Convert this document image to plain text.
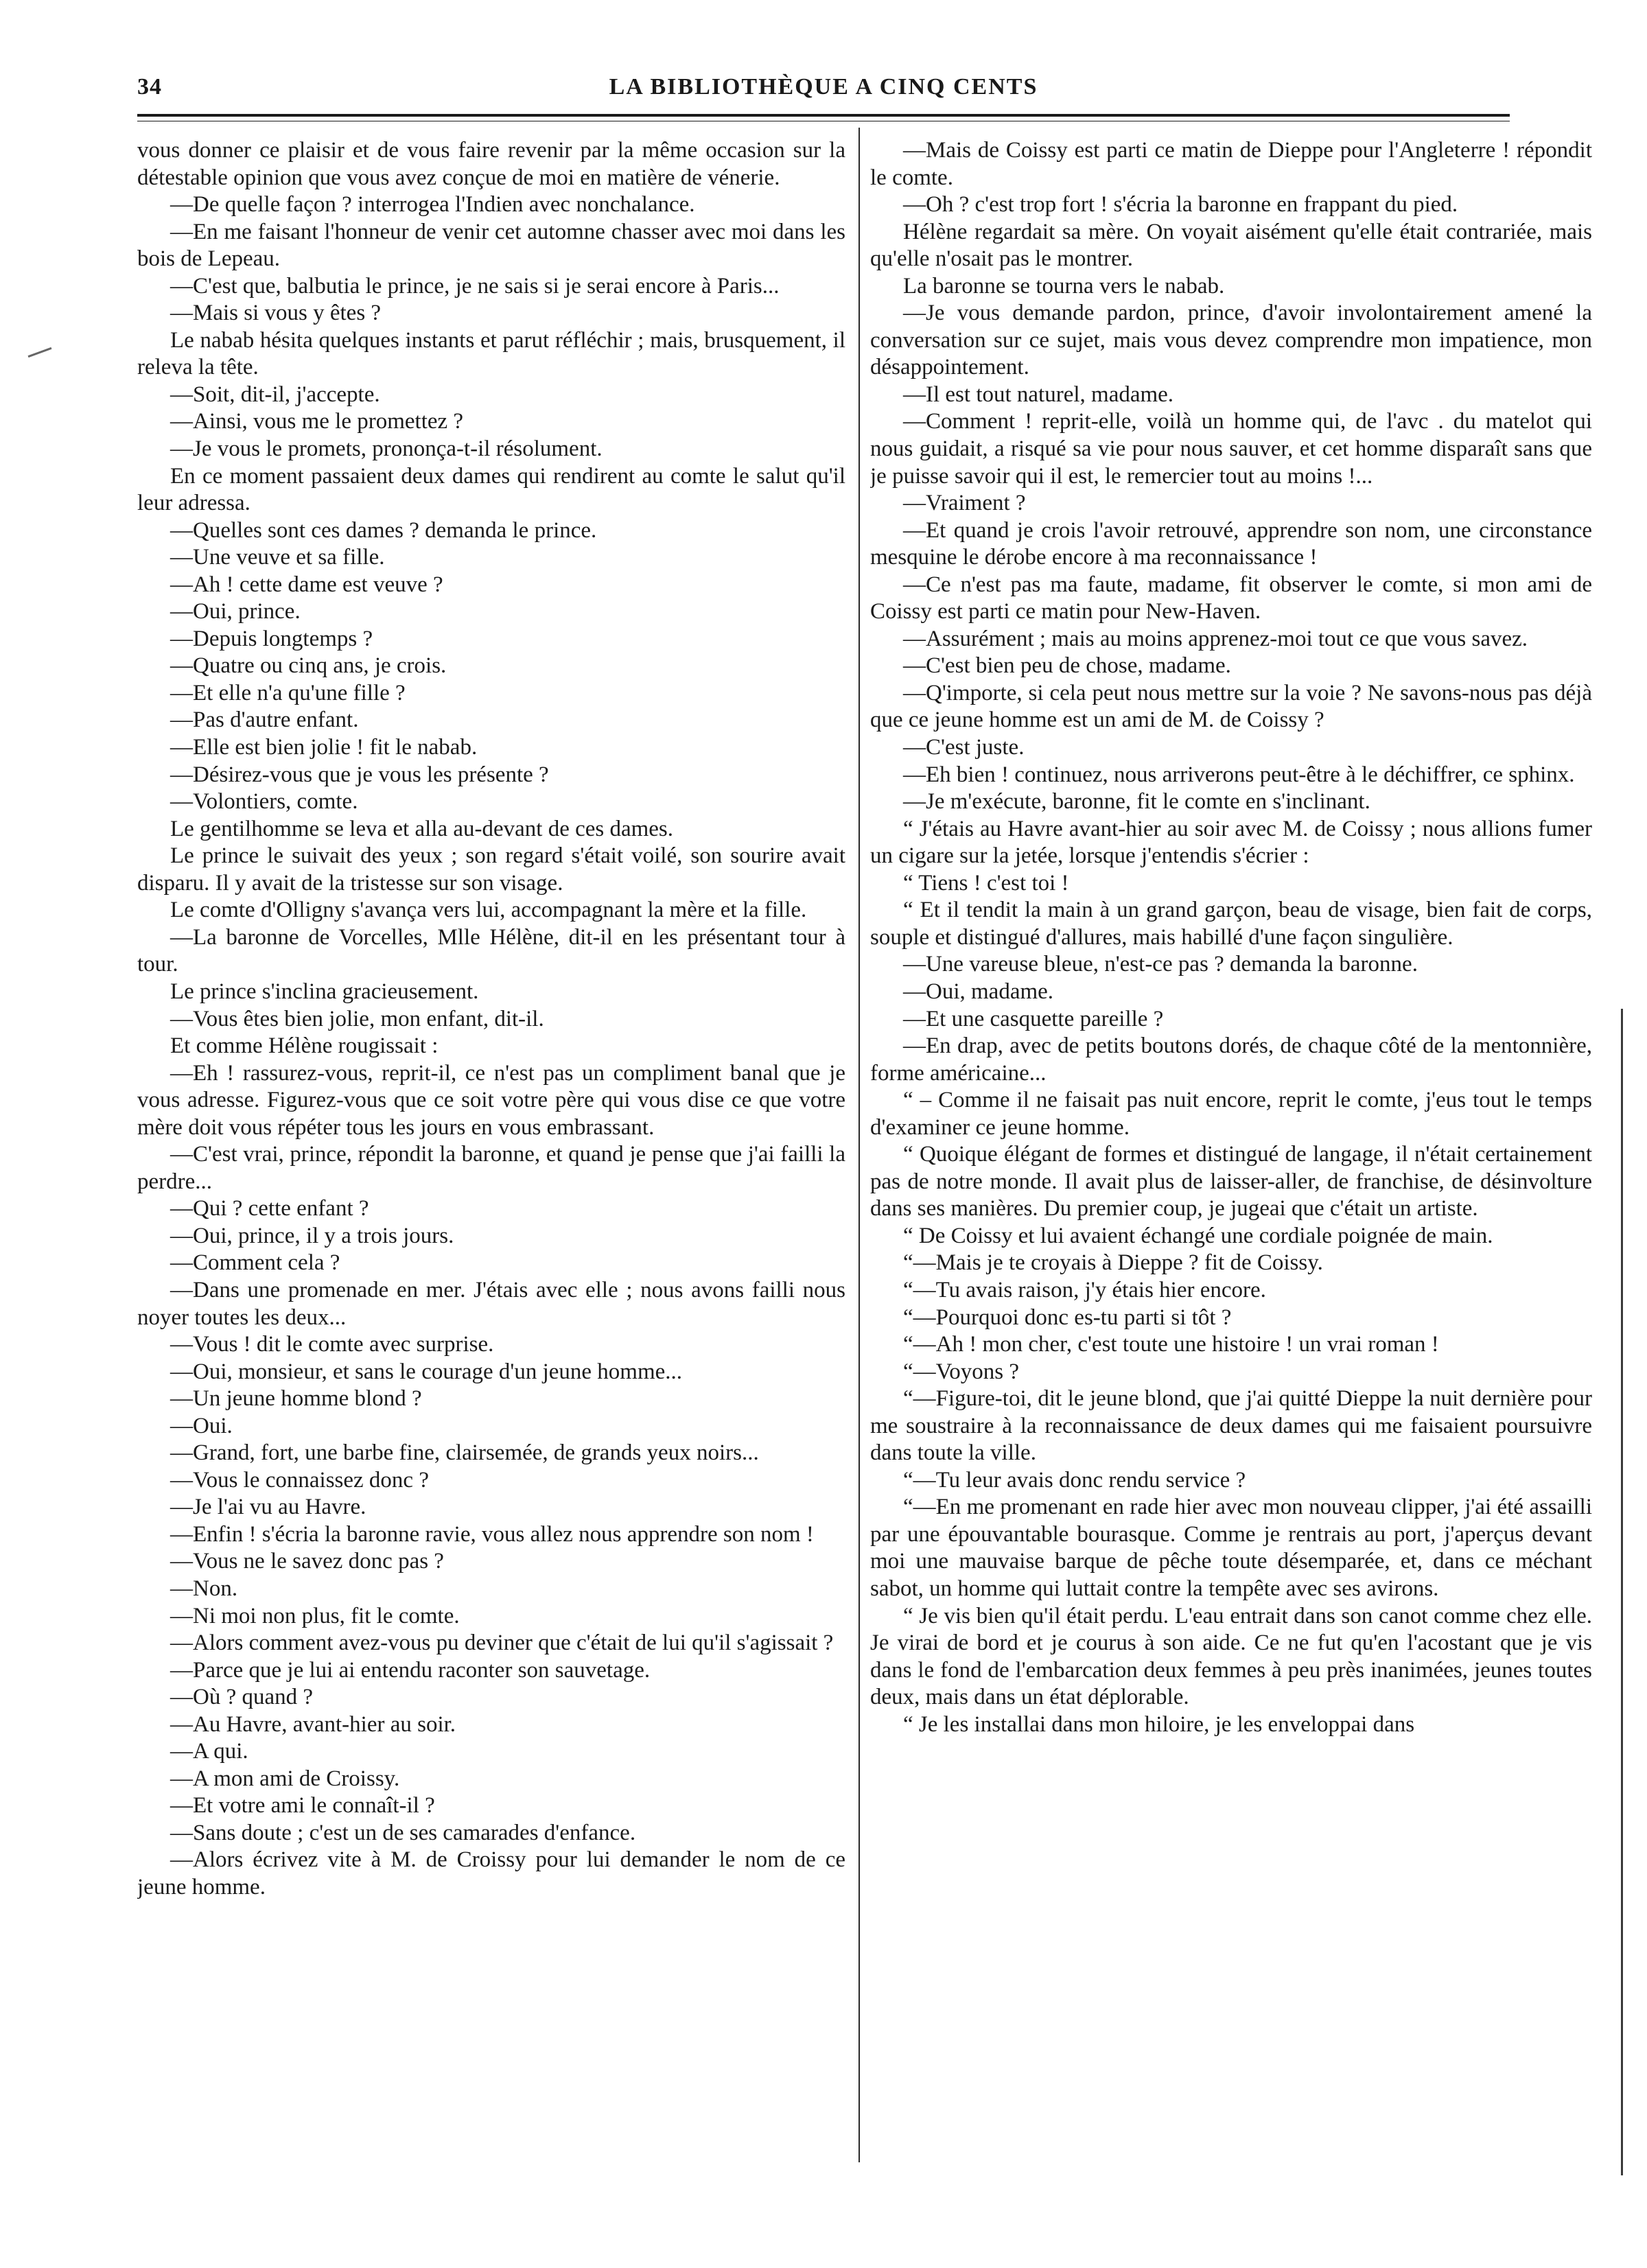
34	LA BIBLIOTHÈQUE A CINQ CENTS

vous donner ce plaisir et de vous faire revenir par la même occasion sur la détestable opinion que vous avez conçue de moi en matière de vénerie.

—De quelle façon ? interrogea l'Indien avec nonchalance.

—En me faisant l'honneur de venir cet automne chasser avec moi dans les bois de Lepeau.

—C'est que, balbutia le prince, je ne sais si je serai encore à Paris...

—Mais si vous y êtes ?

Le nabab hésita quelques instants et parut réfléchir ; mais, brusquement, il releva la tête.

—Soit, dit-il, j'accepte.

—Ainsi, vous me le promettez ?

—Je vous le promets, prononça-t-il résolument.

En ce moment passaient deux dames qui rendirent au comte le salut qu'il leur adressa.

—Quelles sont ces dames ? demanda le prince.

—Une veuve et sa fille.

—Ah ! cette dame est veuve ?

—Oui, prince.

—Depuis longtemps ?

—Quatre ou cinq ans, je crois.

—Et elle n'a qu'une fille ?

—Pas d'autre enfant.

—Elle est bien jolie ! fit le nabab.

—Désirez-vous que je vous les présente ?

—Volontiers, comte.

Le gentilhomme se leva et alla au-devant de ces dames.

Le prince le suivait des yeux ; son regard s'était voilé, son sourire avait disparu. Il y avait de la tristesse sur son visage.

Le comte d'Olligny s'avança vers lui, accompagnant la mère et la fille.

—La baronne de Vorcelles, Mlle Hélène, dit-il en les présentant tour à tour.

Le prince s'inclina gracieusement.

—Vous êtes bien jolie, mon enfant, dit-il.

Et comme Hélène rougissait :

—Eh ! rassurez-vous, reprit-il, ce n'est pas un compliment banal que je vous adresse. Figurez-vous que ce soit votre père qui vous dise ce que votre mère doit vous répéter tous les jours en vous embrassant.

—C'est vrai, prince, répondit la baronne, et quand je pense que j'ai failli la perdre...

—Qui ? cette enfant ?

—Oui, prince, il y a trois jours.

—Comment cela ?

—Dans une promenade en mer. J'étais avec elle ; nous avons failli nous noyer toutes les deux...

—Vous ! dit le comte avec surprise.

—Oui, monsieur, et sans le courage d'un jeune homme...

—Un jeune homme blond ?

—Oui.

—Grand, fort, une barbe fine, clairsemée, de grands yeux noirs...

—Vous le connaissez donc ?

—Je l'ai vu au Havre.

—Enfin ! s'écria la baronne ravie, vous allez nous apprendre son nom !

—Vous ne le savez donc pas ?

—Non.

—Ni moi non plus, fit le comte.

—Alors comment avez-vous pu deviner que c'était de lui qu'il s'agissait ?

—Parce que je lui ai entendu raconter son sauvetage.

—Où ? quand ?

—Au Havre, avant-hier au soir.

—A qui.

—A mon ami de Croissy.

—Et votre ami le connaît-il ?

—Sans doute ; c'est un de ses camarades d'enfance.

—Alors écrivez vite à M. de Croissy pour lui demander le nom de ce jeune homme.

—Mais de Coissy est parti ce matin de Dieppe pour l'Angleterre ! répondit le comte.

—Oh ? c'est trop fort ! s'écria la baronne en frappant du pied.

Hélène regardait sa mère. On voyait aisément qu'elle était contrariée, mais qu'elle n'osait pas le montrer.

La baronne se tourna vers le nabab.

—Je vous demande pardon, prince, d'avoir involontairement amené la conversation sur ce sujet, mais vous devez comprendre mon impatience, mon désappointement.

—Il est tout naturel, madame.

—Comment ! reprit-elle, voilà un homme qui, de l'avc . du matelot qui nous guidait, a risqué sa vie pour nous sauver, et cet homme disparaît sans que je puisse savoir qui il est, le remercier tout au moins !...

—Vraiment ?

—Et quand je crois l'avoir retrouvé, apprendre son nom, une circonstance mesquine le dérobe encore à ma reconnaissance !

—Ce n'est pas ma faute, madame, fit observer le comte, si mon ami de Coissy est parti ce matin pour New-Haven.

—Assurément ; mais au moins apprenez-moi tout ce que vous savez.

—C'est bien peu de chose, madame.

—Q'importe, si cela peut nous mettre sur la voie ? Ne savons-nous pas déjà que ce jeune homme est un ami de M. de Coissy ?

—C'est juste.

—Eh bien ! continuez, nous arriverons peut-être à le déchiffrer, ce sphinx.

—Je m'exécute, baronne, fit le comte en s'inclinant.

“ J'étais au Havre avant-hier au soir avec M. de Coissy ; nous allions fumer un cigare sur la jetée, lorsque j'entendis s'écrier :

“ Tiens ! c'est toi !

“ Et il tendit la main à un grand garçon, beau de visage, bien fait de corps, souple et distingué d'allures, mais habillé d'une façon singulière.

—Une vareuse bleue, n'est-ce pas ? demanda la baronne.

—Oui, madame.

—Et une casquette pareille ?

—En drap, avec de petits boutons dorés, de chaque côté de la mentonnière, forme américaine...

“ – Comme il ne faisait pas nuit encore, reprit le comte, j'eus tout le temps d'examiner ce jeune homme.

“ Quoique élégant de formes et distingué de langage, il n'était certainement pas de notre monde. Il avait plus de laisser-aller, de franchise, de désinvolture dans ses manières. Du premier coup, je jugeai que c'était un artiste.

“ De Coissy et lui avaient échangé une cordiale poignée de main.

“—Mais je te croyais à Dieppe ? fit de Coissy.

“—Tu avais raison, j'y étais hier encore.

“—Pourquoi donc es-tu parti si tôt ?

“—Ah ! mon cher, c'est toute une histoire ! un vrai roman !

“—Voyons ?

“—Figure-toi, dit le jeune blond, que j'ai quitté Dieppe la nuit dernière pour me soustraire à la reconnaissance de deux dames qui me faisaient poursuivre dans toute la ville.

“—Tu leur avais donc rendu service ?

“—En me promenant en rade hier avec mon nouveau clipper, j'ai été assailli par une épouvantable bourasque. Comme je rentrais au port, j'aperçus devant moi une mauvaise barque de pêche toute désemparée, et, dans ce méchant sabot, un homme qui luttait contre la tempête avec ses avirons.

“ Je vis bien qu'il était perdu. L'eau entrait dans son canot comme chez elle. Je virai de bord et je courus à son aide. Ce ne fut qu'en l'acostant que je vis dans le fond de l'embarcation deux femmes à peu près inanimées, jeunes toutes deux, mais dans un état déplorable.

“ Je les installai dans mon hiloire, je les enveloppai dans
